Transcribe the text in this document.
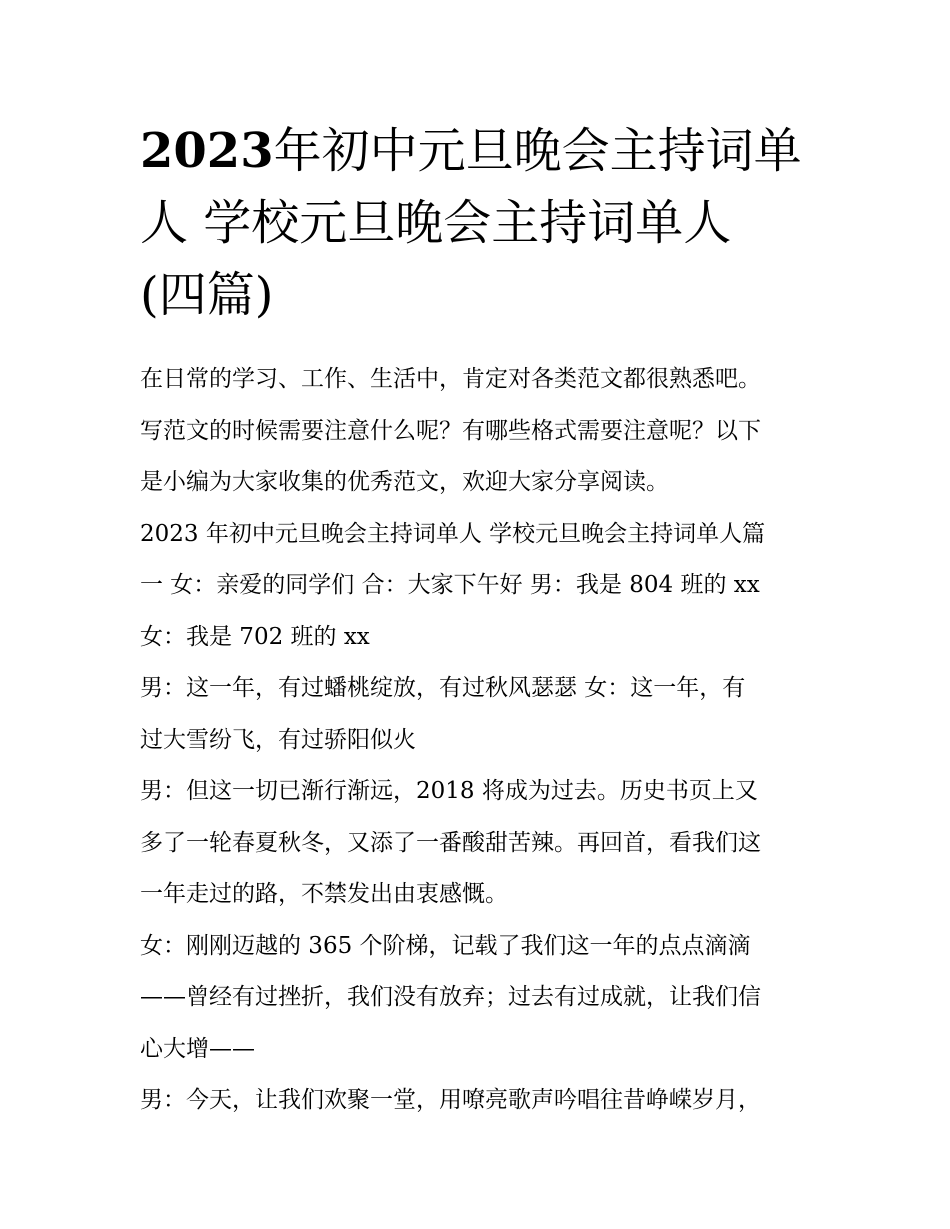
2023年初中元旦晚会主持词单
人 学校元旦晚会主持词单人
(四篇)
在日常的学习、工作、生活中，肯定对各类范文都很熟悉吧。
写范文的时候需要注意什么呢？有哪些格式需要注意呢？以下
是小编为大家收集的优秀范文，欢迎大家分享阅读。
2023 年初中元旦晚会主持词单人 学校元旦晚会主持词单人篇
一 女：亲爱的同学们 合：大家下午好 男：我是 804 班的 xx
女：我是 702 班的 xx
男：这一年，有过蟠桃绽放，有过秋风瑟瑟 女：这一年，有
过大雪纷飞，有过骄阳似火
男：但这一切已渐行渐远，2018 将成为过去。历史书页上又
多了一轮春夏秋冬，又添了一番酸甜苦辣。再回首，看我们这
一年走过的路，不禁发出由衷感慨。
女：刚刚迈越的 365 个阶梯，记载了我们这一年的点点滴滴
——曾经有过挫折，我们没有放弃；过去有过成就，让我们信
心大增——
男：今天，让我们欢聚一堂，用嘹亮歌声吟唱往昔峥嵘岁月，
